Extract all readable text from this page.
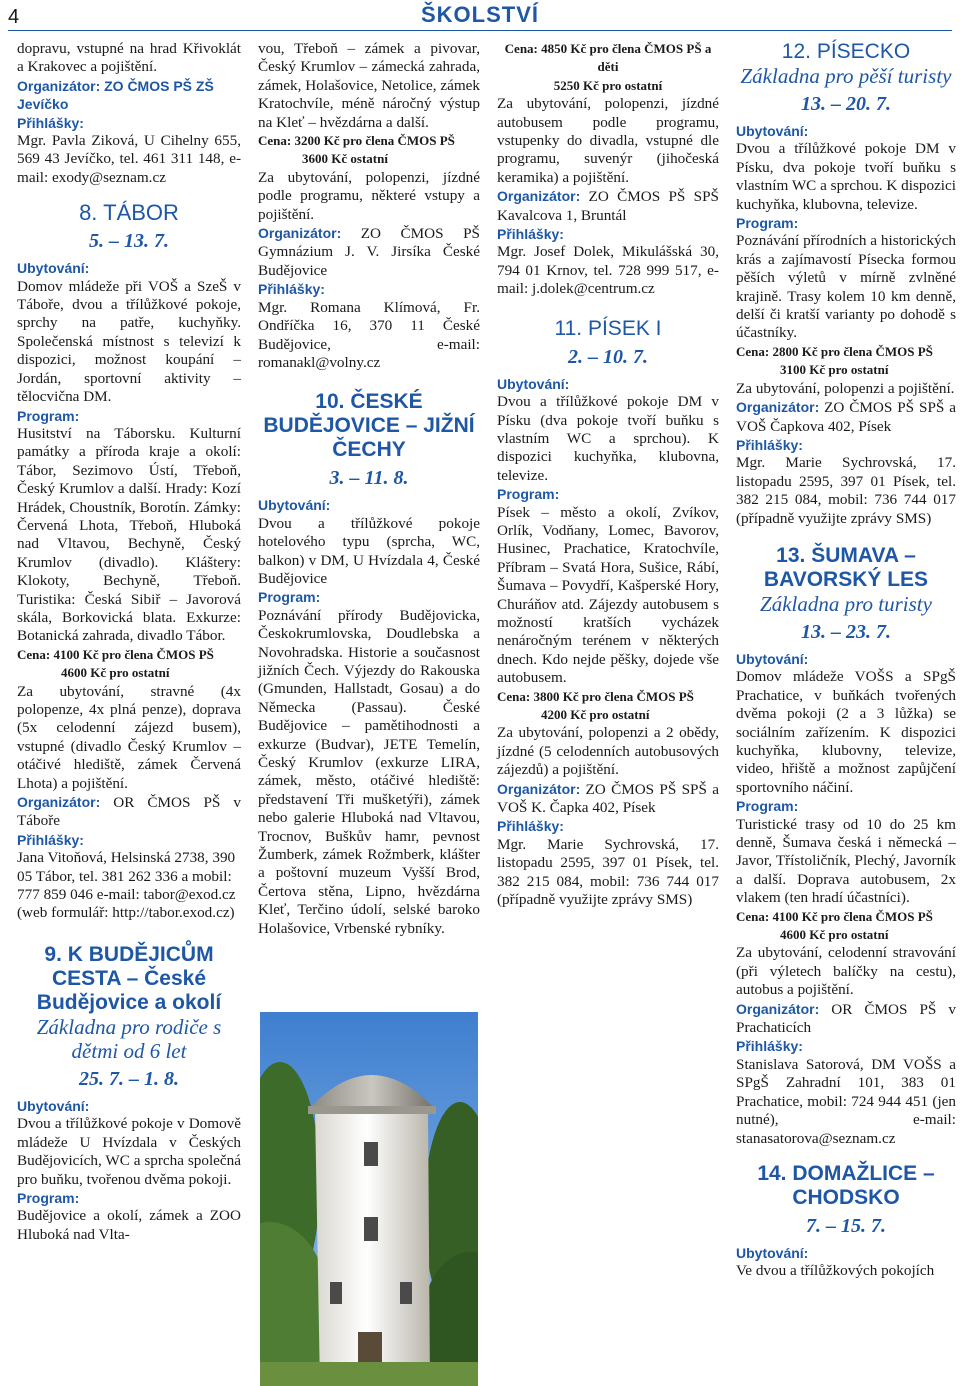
4	ŠKOLSTVÍ

dopravu, vstupné na hrad Křivoklát a Krakovec a pojištění.

Organizátor: ZO ČMOS PŠ ZŠ Jevíčko

Přihlášky:

Mgr. Pavla Ziková, U Cihelny 655, 569 43 Jevíčko, tel. 461 311 148, e-mail: exody@seznam.cz

8. TÁBOR

5. – 13. 7.

Ubytování:

Domov mládeže při VOŠ a SzeŠ v Táboře, dvou a třílůžkové pokoje, sprchy na patře, kuchyňky. Společenská místnost s televizí k dispozici, možnost koupání – Jordán, sportovní aktivity – tělocvična DM.

Program:

Husitství na Táborsku. Kulturní památky a příroda kraje a okolí: Tábor, Sezimovo Ústí, Třeboň, Český Krumlov a další. Hrady: Kozí Hrádek, Choustník, Borotín. Zámky: Červená Lhota, Třeboň, Hluboká nad Vltavou, Bechyně, Český Krumlov (divadlo). Kláštery: Klokoty, Bechyně, Třeboň. Turistika: Česká Sibiř – Javorová skála, Borkovická blata. Exkurze: Botanická zahrada, divadlo Tábor.

Cena: 4100 Kč pro člena ČMOS PŠ
4600 Kč pro ostatní

Za ubytování, stravné (4x polopenze, 4x plná penze), doprava (5x celodenní zájezd busem), vstupné (divadlo Český Krumlov – otáčivé hlediště, zámek Červená Lhota) a pojištění.

Organizátor: OR ČMOS PŠ v Táboře

Přihlášky:

Jana Vitoňová, Helsinská 2738, 390 05 Tábor, tel. 381 262 336 a mobil: 777 859 046 e-mail: tabor@exod.cz (web formulář: http://tabor.exod.cz)

9. K BUDĚJICŮM CESTA – České Budějovice a okolí

Základna pro rodiče s dětmi od 6 let

25. 7. – 1. 8.

Ubytování:

Dvou a třílůžkové pokoje v Domově mládeže U Hvízdala v Českých Budějovicích, WC a sprcha společná pro buňku, tvořenou dvěma pokoji.

Program:

Budějovice a okolí, zámek a ZOO Hluboká nad Vlta-

vou, Třeboň – zámek a pivovar, Český Krumlov – zámecká zahrada, zámek, Holašovice, Netolice, zámek Kratochvíle, méně náročný výstup na Kleť – hvězdárna a další.

Cena: 3200 Kč pro člena ČMOS PŠ
3600 Kč ostatní

Za ubytování, polopenzi, jízdné podle programu, některé vstupy a pojištění.

Organizátor: ZO ČMOS PŠ Gymnázium J. V. Jirsíka České Budějovice

Přihlášky:

Mgr. Romana Klímová, Fr. Ondříčka 16, 370 11 České Budějovice, e-mail: romanakl@volny.cz

10. ČESKÉ BUDĚJOVICE – JIŽNÍ ČECHY

3. – 11. 8.

Ubytování:

Dvou a třílůžkové pokoje hotelového typu (sprcha, WC, balkon) v DM, U Hvízdala 4, České Budějovice

Program:

Poznávání přírody Budějovicka, Českokrumlovska, Doudlebska a Novohradska. Historie a současnost jižních Čech. Výjezdy do Rakouska (Gmunden, Hallstadt, Gosau) a do Německa (Passau). České Budějovice – pamětihodnosti a exkurze (Budvar), JETE Temelín, Český Krumlov (exkurze LIRA, zámek, město, otáčivé hlediště: představení Tři mušketýři), zámek nebo galerie Hluboká nad Vltavou, Trocnov, Buškův hamr, pevnost Žumberk, zámek Rožmberk, klášter a poštovní muzeum Vyšší Brod, Čertova stěna, Lipno, hvězdárna Kleť, Terčino údolí, selské baroko Holašovice, Vrbenské rybníky.

Cena: 4850 Kč pro člena ČMOS PŠ a děti
5250 Kč pro ostatní

Za ubytování, polopenzi, jízdné autobusem podle programu, vstupenky do divadla, vstupné dle programu, suvenýr (jihočeská keramika) a pojištění.

Organizátor: ZO ČMOS PŠ SPŠ Kavalcova 1, Bruntál

Přihlášky:

Mgr. Josef Dolek, Mikulášská 30, 794 01 Krnov, tel. 728 999 517, e-mail: j.dolek@centrum.cz

11. PÍSEK I

2. – 10. 7.

Ubytování:

Dvou a třílůžkové pokoje DM v Písku (dva pokoje tvoří buňku s vlastním WC a sprchou). K dispozici kuchyňka, klubovna, televize.

Program:

Písek – město a okolí, Zvíkov, Orlík, Vodňany, Lomec, Bavorov, Husinec, Prachatice, Kratochvíle, Příbram – Svatá Hora, Sušice, Rábí, Šumava – Povydří, Kašperské Hory, Churáňov atd. Zájezdy autobusem s možností kratších vycházek nenáročným terénem v některých dnech. Kdo nejde pěšky, dojede vše autobusem.

Cena: 3800 Kč pro člena ČMOS PŠ
4200 Kč pro ostatní

Za ubytování, polopenzi a 2 obědy, jízdné (5 celodenních autobusových zájezdů) a pojištění.

Organizátor: ZO ČMOS PŠ SPŠ a VOŠ K. Čapka 402, Písek

Přihlášky:

Mgr. Marie Sychrovská, 17. listopadu 2595, 397 01 Písek, tel. 382 215 084, mobil: 736 744 017 (případně využijte zprávy SMS)

12. PÍSECKO

Základna pro pěší turisty

13. – 20. 7.

Ubytování:

Dvou a třílůžkové pokoje DM v Písku, dva pokoje tvoří buňku s vlastním WC a sprchou. K dispozici kuchyňka, klubovna, televize.

Program:

Poznávání přírodních a historických krás a zajímavostí Písecka formou pěších výletů v mírně zvlněné krajině. Trasy kolem 10 km denně, delší či kratší varianty po dohodě s účastníky.

Cena: 2800 Kč pro člena ČMOS PŠ
3100 Kč pro ostatní

Za ubytování, polopenzi a pojištění.

Organizátor: ZO ČMOS PŠ SPŠ a VOŠ Čapkova 402, Písek

Přihlášky:

Mgr. Marie Sychrovská, 17. listopadu 2595, 397 01 Písek, tel. 382 215 084, mobil: 736 744 017 (případně využijte zprávy SMS)

13. ŠUMAVA – BAVORSKÝ LES

Základna pro turisty

13. – 23. 7.

Ubytování:

Domov mládeže VOŠS a SPgŠ Prachatice, v buňkách tvořených dvěma pokoji (2 a 3 lůžka) se sociálním zařízením. K dispozici kuchyňka, klubovny, televize, video, hřiště a možnost zapůjčení sportovního náčiní.

Program:

Turistické trasy od 10 do 25 km denně, Šumava česká i německá – Javor, Třístoličník, Plechý, Javorník a další. Doprava autobusem, 2x vlakem (ten hradí účastníci).

Cena: 4100 Kč pro člena ČMOS PŠ
4600 Kč pro ostatní

Za ubytování, celodenní stravování (při výletech balíčky na cestu), autobus a pojištění.

Organizátor: OR ČMOS PŠ v Prachaticích

Přihlášky:

Stanislava Satorová, DM VOŠS a SPgŠ Zahradní 101, 383 01 Prachatice, mobil: 724 944 451 (jen nutné), e-mail: stanasatorova@seznam.cz

14. DOMAŽLICE – CHODSKO

7. – 15. 7.

Ubytování:

Ve dvou a třílůžkových pokojích
